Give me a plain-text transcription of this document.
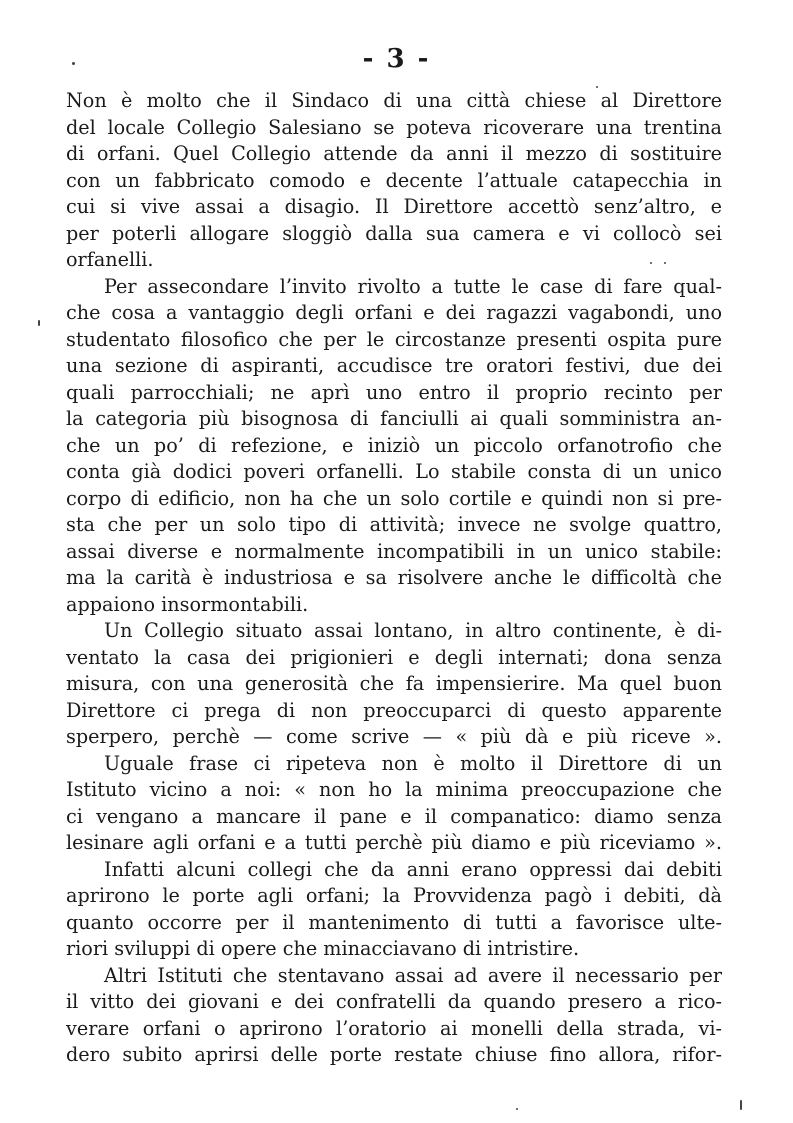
- 3 -
Non è molto che il Sindaco di una città chiese al Direttore
del locale Collegio Salesiano se poteva ricoverare una trentina
di orfani. Quel Collegio attende da anni il mezzo di sostituire
con un fabbricato comodo e decente l’attuale catapecchia in
cui si vive assai a disagio. Il Direttore accettò senz’altro, e
per poterli allogare sloggiò dalla sua camera e vi collocò sei
orfanelli.
Per assecondare l’invito rivolto a tutte le case di fare qual-
che cosa a vantaggio degli orfani e dei ragazzi vagabondi, uno
studentato filosofico che per le circostanze presenti ospita pure
una sezione di aspiranti, accudisce tre oratori festivi, due dei
quali parrocchiali; ne aprì uno entro il proprio recinto per
la categoria più bisognosa di fanciulli ai quali somministra an-
che un po’ di refezione, e iniziò un piccolo orfanotrofio che
conta già dodici poveri orfanelli. Lo stabile consta di un unico
corpo di edificio, non ha che un solo cortile e quindi non si pre-
sta che per un solo tipo di attività; invece ne svolge quattro,
assai diverse e normalmente incompatibili in un unico stabile:
ma la carità è industriosa e sa risolvere anche le difficoltà che
appaiono insormontabili.
Un Collegio situato assai lontano, in altro continente, è di-
ventato la casa dei prigionieri e degli internati; dona senza
misura, con una generosità che fa impensierire. Ma quel buon
Direttore ci prega di non preoccuparci di questo apparente
sperpero, perchè — come scrive — « più dà e più riceve ».
Uguale frase ci ripeteva non è molto il Direttore di un
Istituto vicino a noi: « non ho la minima preoccupazione che
ci vengano a mancare il pane e il companatico: diamo senza
lesinare agli orfani e a tutti perchè più diamo e più riceviamo ».
Infatti alcuni collegi che da anni erano oppressi dai debiti
aprirono le porte agli orfani; la Provvidenza pagò i debiti, dà
quanto occorre per il mantenimento di tutti a favorisce ulte-
riori sviluppi di opere che minacciavano di intristire.
Altri Istituti che stentavano assai ad avere il necessario per
il vitto dei giovani e dei confratelli da quando presero a rico-
verare orfani o aprirono l’oratorio ai monelli della strada, vi-
dero subito aprirsi delle porte restate chiuse fino allora, rifor-
